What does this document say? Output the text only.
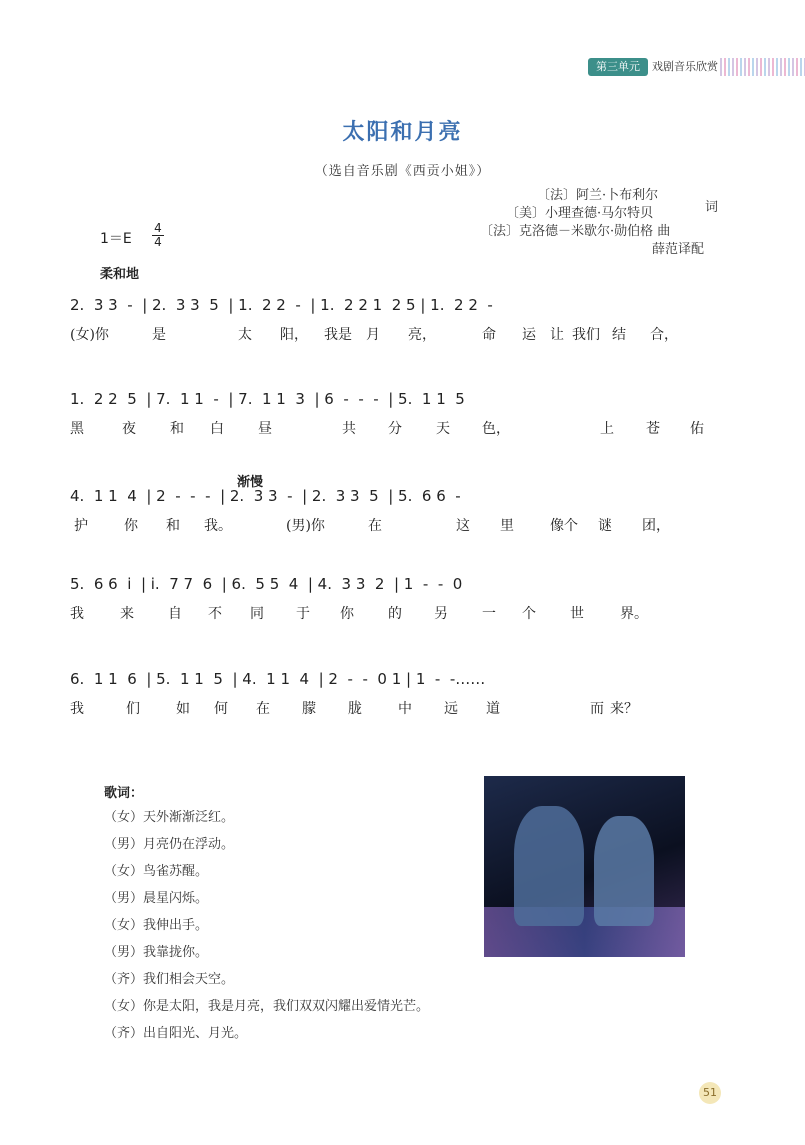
第三单元	戏剧音乐欣赏
太阳和月亮
（选自音乐剧《西贡小姐》）
〔法〕阿兰·卜布利尔
〔美〕小理查德·马尔特贝	词
〔法〕克洛德－米歇尔·勋伯格 曲
薛范译配
1＝E
4
4
柔和地
渐慢
2.  3 3  -  | 2.  3 3  5  | 1.  2 2  -  | 1.  2 2 1  2 5 | 1.  2 2  -
(女)你	是	太 阳， 我是 月 亮，	命 运 让 我们 结 合，
1.  2 2  5  | 7.  1 1  -  | 7.  1 1  3  | 6  -  -  -  | 5.  1 1  5
黑	夜 和 白 昼	共 分 天 色，	上 苍 佑
4.  1 1  4  | 2  -  -  -  | 2.  3 3  -  | 2.  3 3  5  | 5.  6 6  -
护	你 和 我。	(男)你	在	这 里	像个 谜 团，
5.  6 6  i  | i.  7 7  6  | 6.  5 5  4  | 4.  3 3  2  | 1  -  -  0
我	来 自 不 同 于 你 的 另 一 个 世	界。
6.  1 1  6  | 5.  1 1  5  | 4.  1 1  4  | 2  -  -  0 1 | 1  -  -……
我	们	如 何 在 朦 胧	中 远 道	而 来？
歌词：
（女）天外渐渐泛红。
（男）月亮仍在浮动。
（女）鸟雀苏醒。
（男）晨星闪烁。
（女）我伸出手。
（男）我靠拢你。
（齐）我们相会天空。
（女）你是太阳，我是月亮，我们双双闪耀出爱情光芒。
（齐）出自阳光、月光。
51
